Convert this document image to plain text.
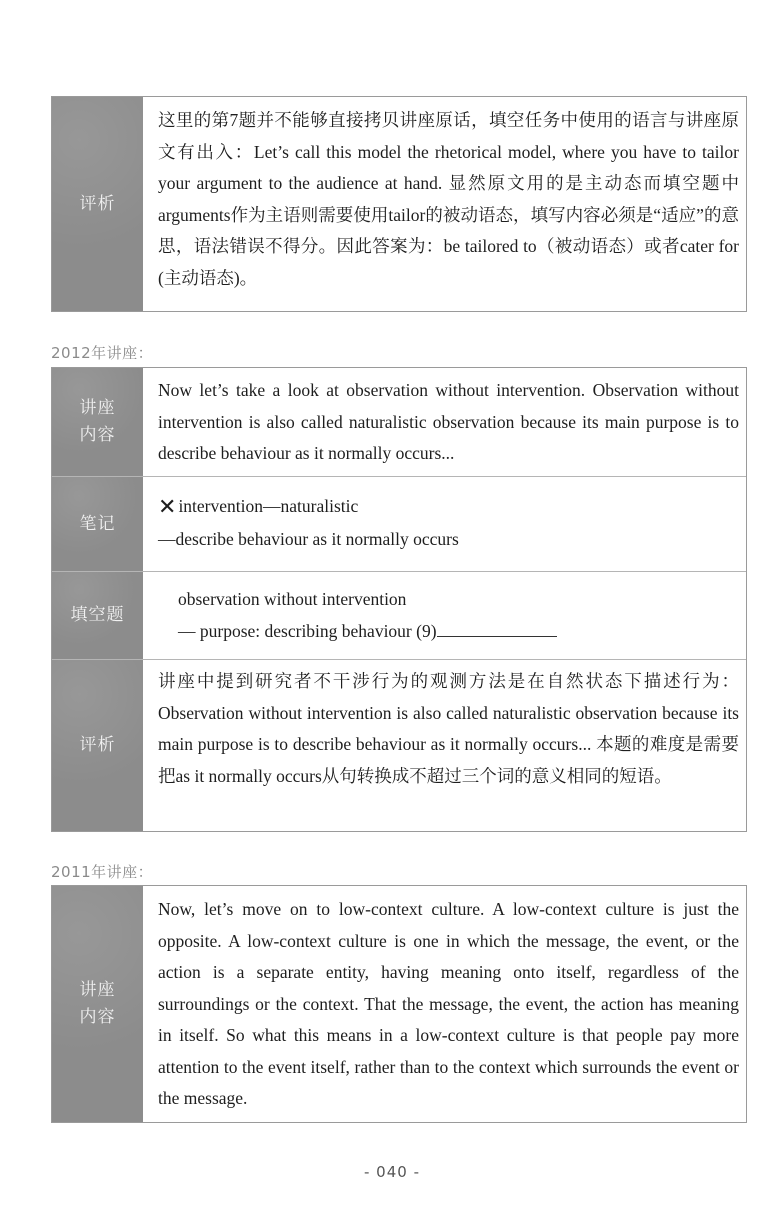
评析

这里的第7题并不能够直接拷贝讲座原话，填空任务中使用的语言与讲座原文有出入：Let’s call this model the rhetorical model, where you have to tailor your argument to the audience at hand. 显然原文用的是主动态而填空题中arguments作为主语则需要使用tailor的被动语态，填写内容必须是“适应”的意思，语法错误不得分。因此答案为：be tailored to（被动语态）或者cater for (主动语态)。

2012年讲座：
讲座
内容

Now let’s take a look at observation without intervention. Observation without intervention is also called naturalistic observation because its main purpose is to describe behaviour as it normally occurs...

笔记

✕ intervention—naturalistic

—describe behaviour as it normally occurs

填空题

observation without intervention

— purpose: describing behaviour (9)

评析

讲座中提到研究者不干涉行为的观测方法是在自然状态下描述行为：Observation without intervention is also called naturalistic observation because its main purpose is to describe behaviour as it normally occurs... 本题的难度是需要把as it normally occurs从句转换成不超过三个词的意义相同的短语。

2011年讲座：
讲座
内容

Now, let’s move on to low-context culture. A low-context culture is just the opposite. A low-context culture is one in which the message, the event, or the action is a separate entity, having meaning onto itself, regardless of the surroundings or the context. That the message, the event, the action has meaning in itself. So what this means in a low-context culture is that people pay more attention to the event itself, rather than to the context which surrounds the event or the message.

- 040 -
